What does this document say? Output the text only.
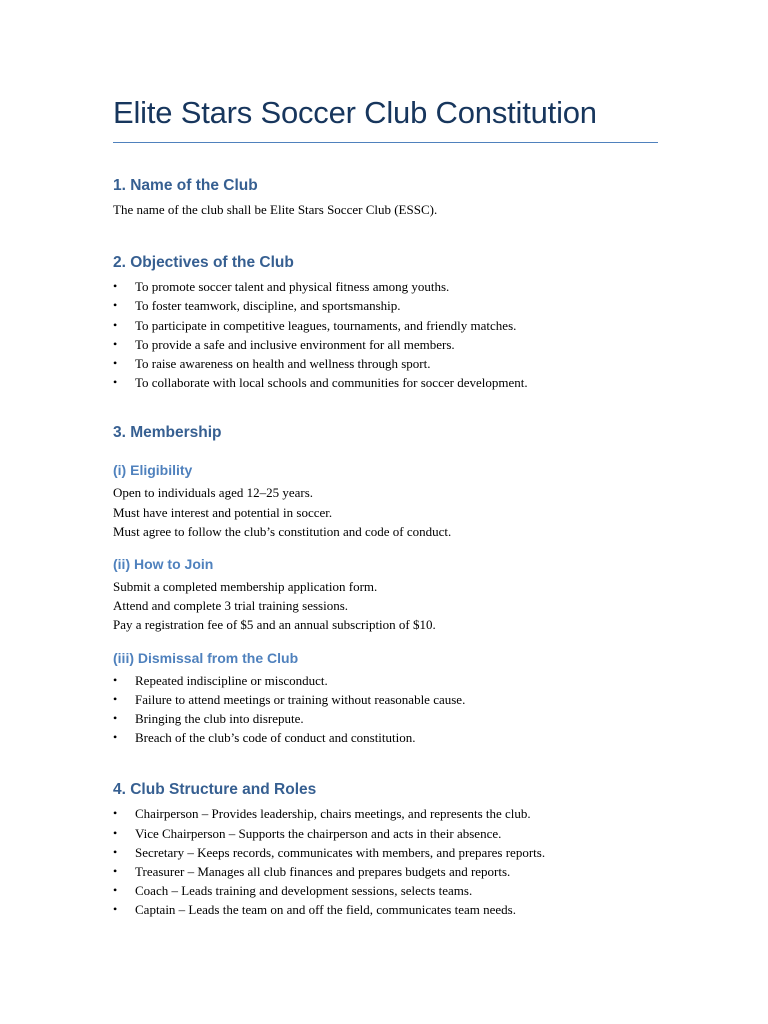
Elite Stars Soccer Club Constitution
1. Name of the Club

The name of the club shall be Elite Stars Soccer Club (ESSC).

2. Objectives of the Club
• To promote soccer talent and physical fitness among youths.
• To foster teamwork, discipline, and sportsmanship.
• To participate in competitive leagues, tournaments, and friendly matches.
• To provide a safe and inclusive environment for all members.
• To raise awareness on health and wellness through sport.
• To collaborate with local schools and communities for soccer development.
3. Membership
(i) Eligibility

Open to individuals aged 12–25 years.

Must have interest and potential in soccer.

Must agree to follow the club’s constitution and code of conduct.

(ii) How to Join

Submit a completed membership application form.

Attend and complete 3 trial training sessions.

Pay a registration fee of $5 and an annual subscription of $10.

(iii) Dismissal from the Club
• Repeated indiscipline or misconduct.
• Failure to attend meetings or training without reasonable cause.
• Bringing the club into disrepute.
• Breach of the club’s code of conduct and constitution.
4. Club Structure and Roles
• Chairperson – Provides leadership, chairs meetings, and represents the club.
• Vice Chairperson – Supports the chairperson and acts in their absence.
• Secretary – Keeps records, communicates with members, and prepares reports.
• Treasurer – Manages all club finances and prepares budgets and reports.
• Coach – Leads training and development sessions, selects teams.
• Captain – Leads the team on and off the field, communicates team needs.
